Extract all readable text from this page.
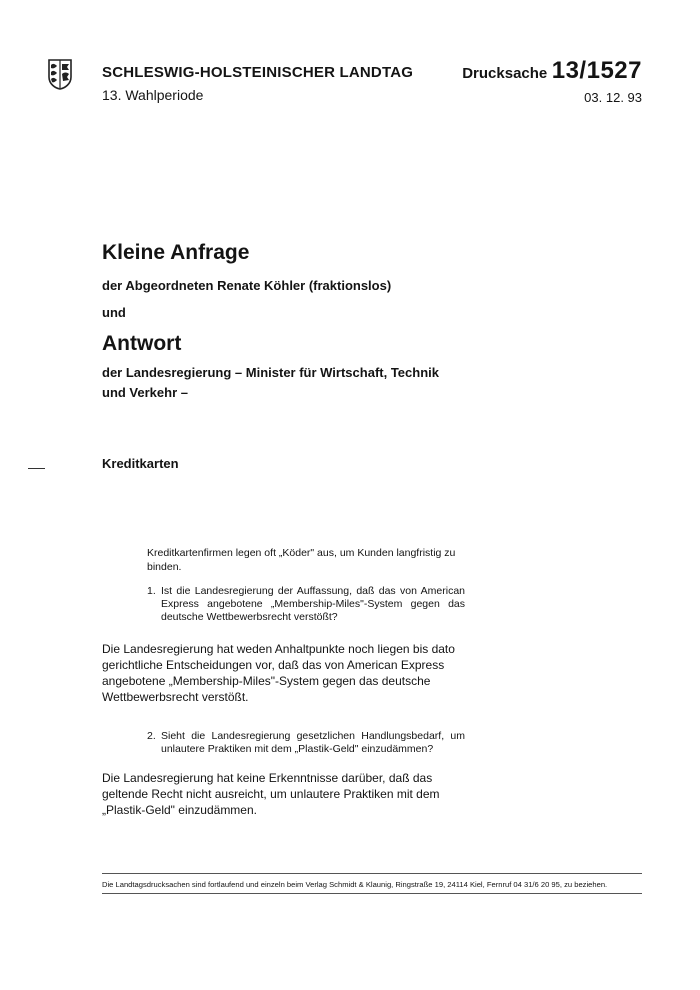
SCHLESWIG-HOLSTEINISCHER LANDTAG
13. Wahlperiode
Drucksache 13/1527
03. 12. 93
Kleine Anfrage
der Abgeordneten Renate Köhler (fraktionslos)
und
Antwort
der Landesregierung – Minister für Wirtschaft, Technik und Verkehr –
Kreditkarten
Kreditkartenfirmen legen oft „Köder" aus, um Kunden langfristig zu binden.
1. Ist die Landesregierung der Auffassung, daß das von American Express angebotene „Membership-Miles"-System gegen das deutsche Wettbewerbsrecht verstößt?
Die Landesregierung hat weden Anhaltpunkte noch liegen bis dato gerichtliche Entscheidungen vor, daß das von American Express angebotene „Membership-Miles"-System gegen das deutsche Wettbewerbsrecht verstößt.
2. Sieht die Landesregierung gesetzlichen Handlungsbedarf, um unlautere Praktiken mit dem „Plastik-Geld" einzudämmen?
Die Landesregierung hat keine Erkenntnisse darüber, daß das geltende Recht nicht ausreicht, um unlautere Praktiken mit dem „Plastik-Geld" einzudämmen.
Die Landtagsdrucksachen sind fortlaufend und einzeln beim Verlag Schmidt & Klaunig, Ringstraße 19, 24114 Kiel, Fernruf 04 31/6 20 95, zu beziehen.
